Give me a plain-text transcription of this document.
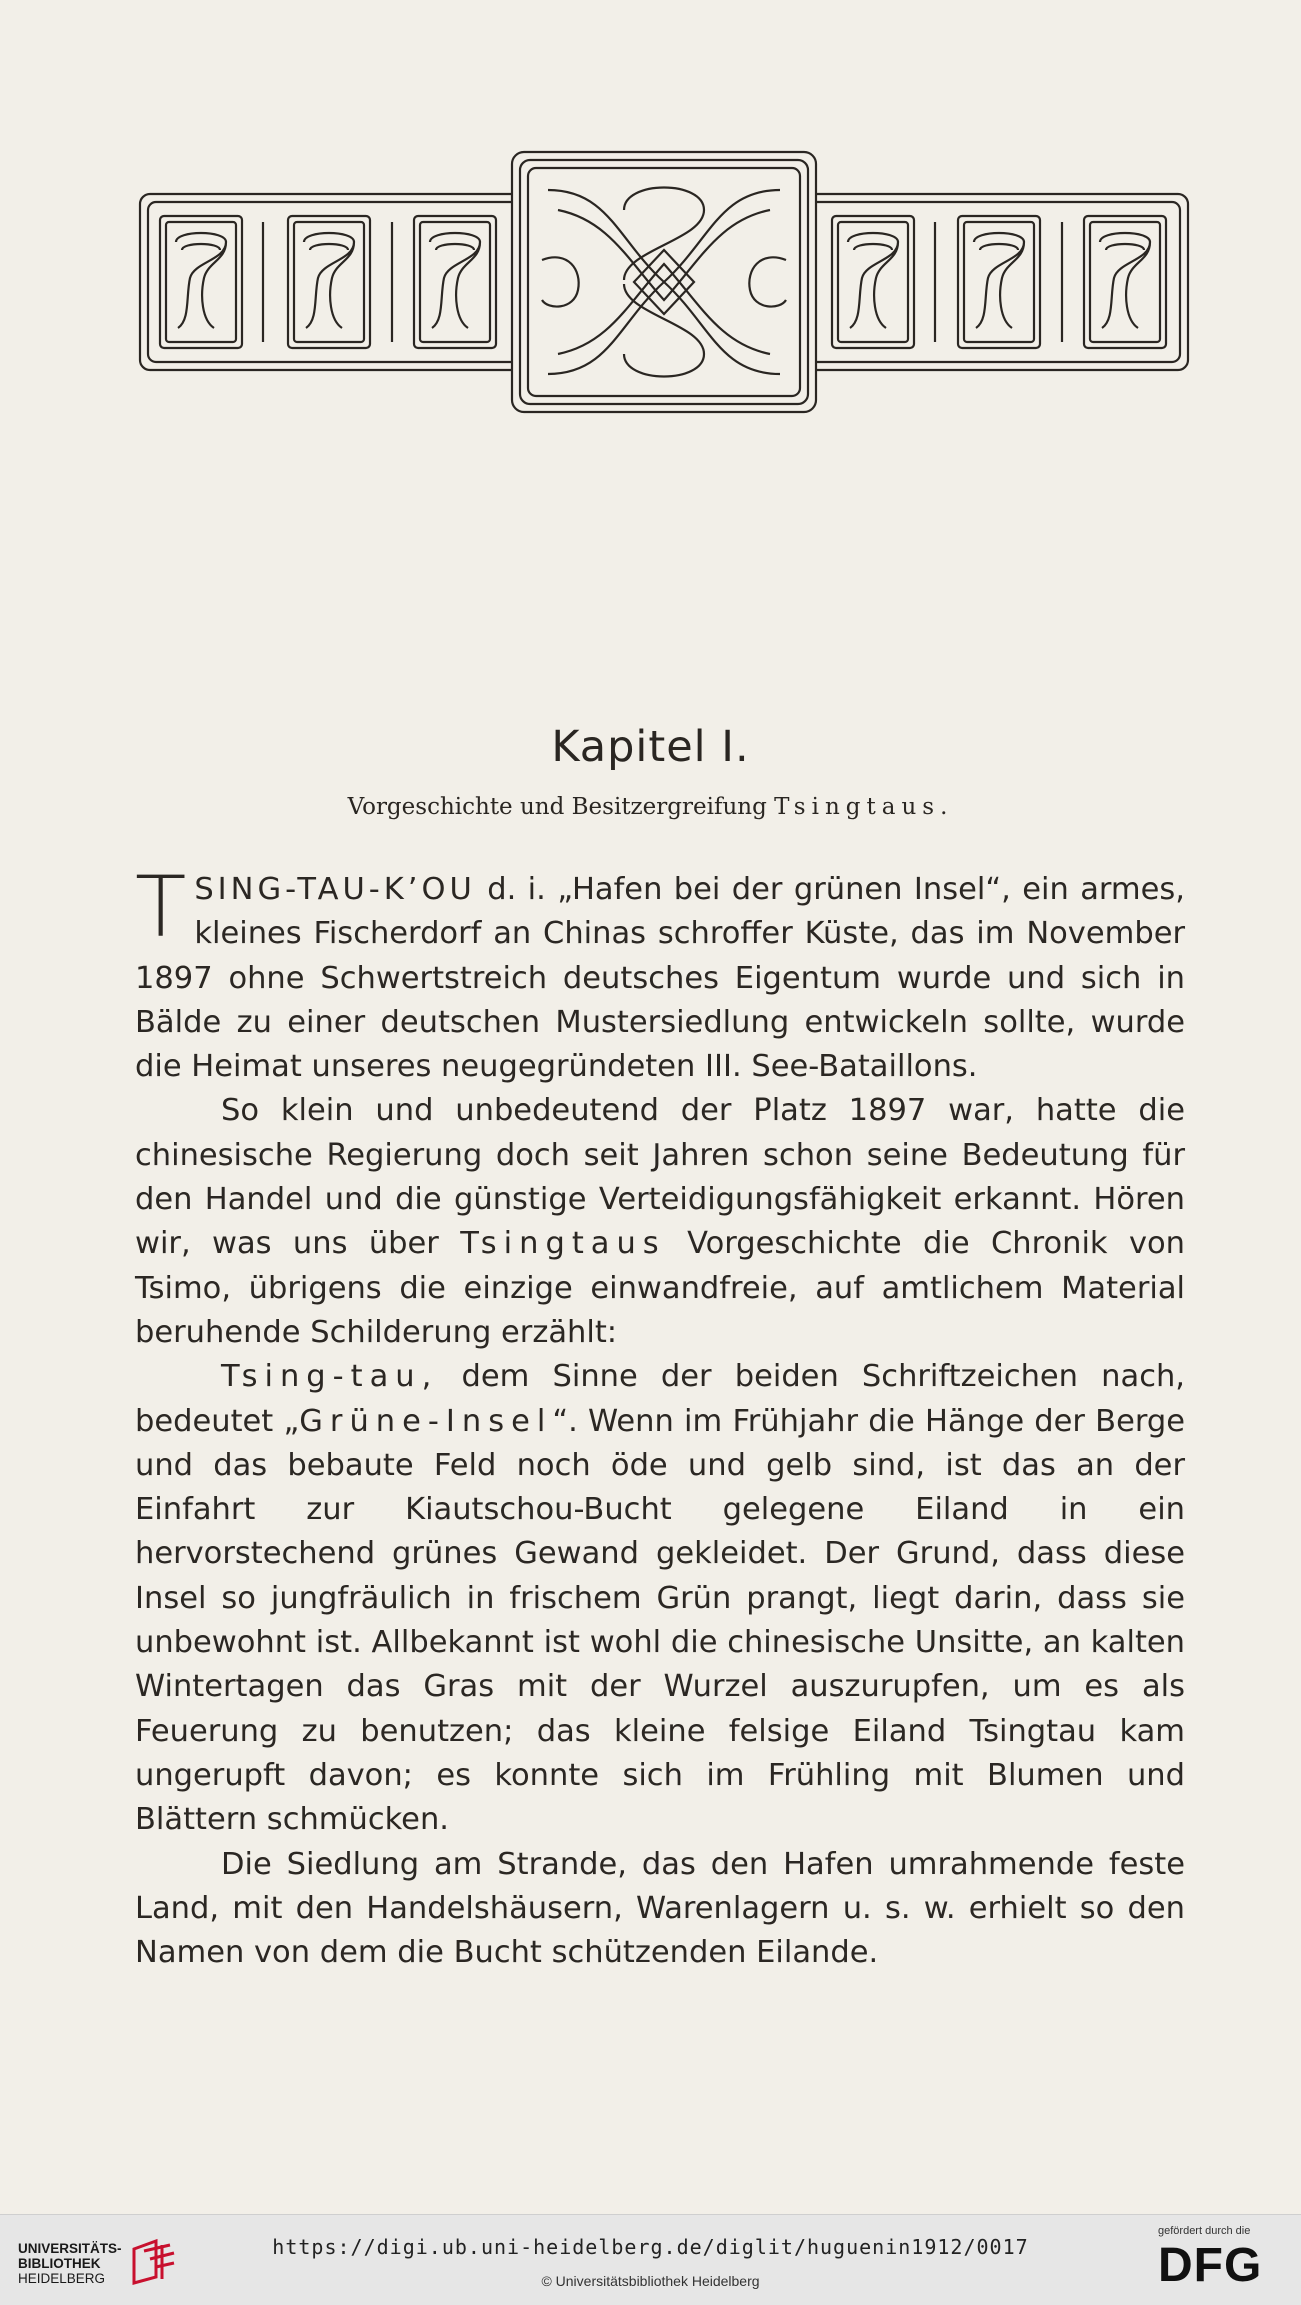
Kapitel I.
Vorgeschichte und Besitzergreifung Tsingtaus.

TSING-TAU-K’OU d. i. „Hafen bei der grünen Insel“, ein armes, kleines Fischerdorf an Chinas schroffer Küste, das im November 1897 ohne Schwertstreich deutsches Eigentum wurde und sich in Bälde zu einer deutschen Mustersiedlung entwickeln sollte, wurde die Heimat unseres neugegründeten III. See-Bataillons.

So klein und unbedeutend der Platz 1897 war, hatte die chinesische Regierung doch seit Jahren schon seine Bedeutung für den Handel und die günstige Verteidigungsfähigkeit erkannt. Hören wir, was uns über Tsingtaus Vorgeschichte die Chronik von Tsimo, übrigens die einzige einwandfreie, auf amtlichem Material beruhende Schilderung erzählt:

Tsing-tau, dem Sinne der beiden Schriftzeichen nach, bedeutet „Grüne-Insel“. Wenn im Frühjahr die Hänge der Berge und das bebaute Feld noch öde und gelb sind, ist das an der Einfahrt zur Kiautschou-Bucht gelegene Eiland in ein hervorstechend grünes Gewand gekleidet. Der Grund, dass diese Insel so jungfräulich in frischem Grün prangt, liegt darin, dass sie unbewohnt ist. Allbekannt ist wohl die chinesische Unsitte, an kalten Wintertagen das Gras mit der Wurzel auszurupfen, um es als Feuerung zu benutzen; das kleine felsige Eiland Tsingtau kam ungerupft davon; es konnte sich im Frühling mit Blumen und Blättern schmücken.

Die Siedlung am Strande, das den Hafen umrahmende feste Land, mit den Handelshäusern, Warenlagern u. s. w. erhielt so den Namen von dem die Bucht schützenden Eilande.

UNIVERSITÄTS-
BIBLIOTHEK
HEIDELBERG
https://digi.ub.uni-heidelberg.de/diglit/huguenin1912/0017
© Universitätsbibliothek Heidelberg
gefördert durch die
DFG
